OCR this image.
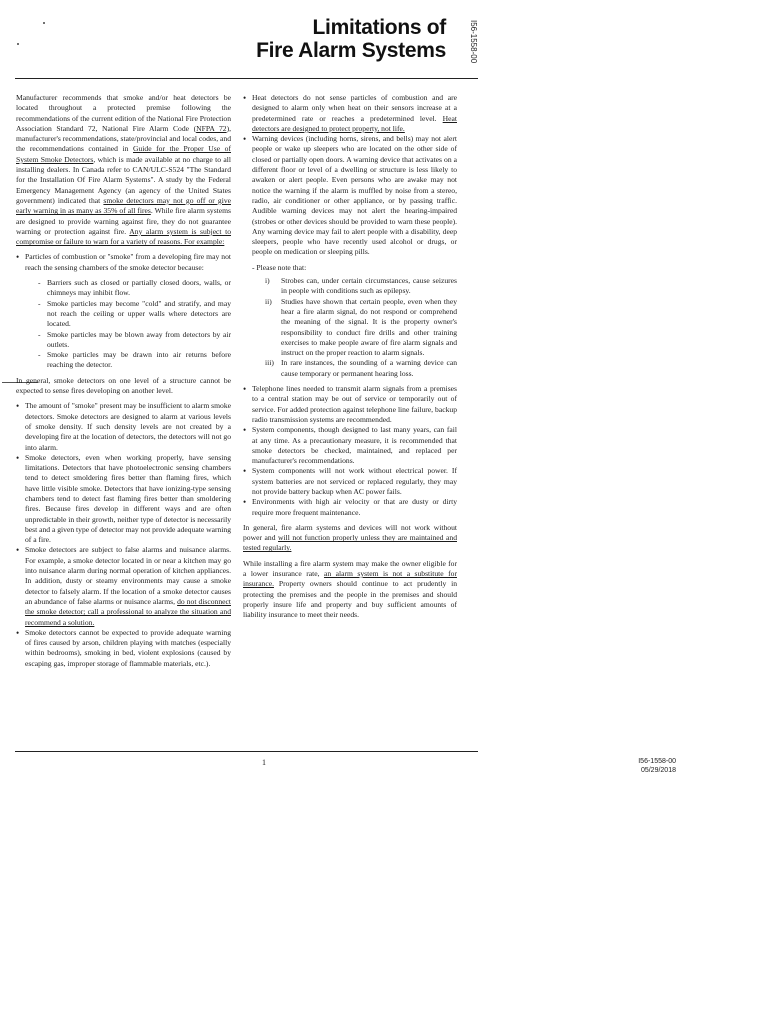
Limitations of
Fire Alarm Systems	I56-1558-00

Manufacturer recommends that smoke and/or heat detectors be located throughout a protected premise following the recommendations of the current edition of the National Fire Protection Association Standard 72, National Fire Alarm Code (NFPA 72), manufacturer's recommendations, state/provincial and local codes, and the recommendations contained in Guide for the Proper Use of System Smoke Detectors, which is made available at no charge to all installing dealers. In Canada refer to CAN/ULC-S524 "The Standard for the Installation Of Fire Alarm Systems". A study by the Federal Emergency Management Agency (an agency of the United States government) indicated that smoke detectors may not go off or give early warning in as many as 35% of all fires. While fire alarm systems are designed to provide warning against fire, they do not guarantee warning or protection against fire. Any alarm system is subject to compromise or failure to warn for a variety of reasons. For example:

• Particles of combustion or "smoke" from a developing fire may not reach the sensing chambers of the smoke detector because:
- Barriers such as closed or partially closed doors, walls, or chimneys may inhibit flow.
- Smoke particles may become "cold" and stratify, and may not reach the ceiling or upper walls where detectors are located.
- Smoke particles may be blown away from detectors by air outlets.
- Smoke particles may be drawn into air returns before reaching the detector.

In general, smoke detectors on one level of a structure cannot be expected to sense fires developing on another level.

• The amount of "smoke" present may be insufficient to alarm smoke detectors. Smoke detectors are designed to alarm at various levels of smoke density. If such density levels are not created by a developing fire at the location of detectors, the detectors will not go into alarm.
• Smoke detectors, even when working properly, have sensing limitations. Detectors that have photoelectronic sensing chambers tend to detect smoldering fires better than flaming fires, which have little visible smoke. Detectors that have ionizing-type sensing chambers tend to detect fast flaming fires better than smoldering fires. Because fires develop in different ways and are often unpredictable in their growth, neither type of detector is necessarily best and a given type of detector may not provide adequate warning of a fire.
• Smoke detectors are subject to false alarms and nuisance alarms. For example, a smoke detector located in or near a kitchen may go into nuisance alarm during normal operation of kitchen appliances. In addition, dusty or steamy environments may cause a smoke detector to falsely alarm. If the location of a smoke detector causes an abundance of false alarms or nuisance alarms, do not disconnect the smoke detector; call a professional to analyze the situation and recommend a solution.
• Smoke detectors cannot be expected to provide adequate warning of fires caused by arson, children playing with matches (especially within bedrooms), smoking in bed, violent explosions (caused by escaping gas, improper storage of flammable materials, etc.).
• Heat detectors do not sense particles of combustion and are designed to alarm only when heat on their sensors increase at a predetermined rate or reaches a predetermined level. Heat detectors are designed to protect property, not life.
• Warning devices (including horns, sirens, and bells) may not alert people or wake up sleepers who are located on the other side of closed or partially open doors. A warning device that activates on a different floor or level of a dwelling or structure is less likely to awaken or alert people. Even persons who are awake may not notice the warning if the alarm is muffled by noise from a stereo, radio, air conditioner or other appliance, or by passing traffic. Audible warning devices may not alert the hearing-impaired (strobes or other devices should be provided to warn these people). Any warning device may fail to alert people with a disability, deep sleepers, people who have recently used alcohol or drugs, or people on medication or sleeping pills.
- Please note that:
i) Strobes can, under certain circumstances, cause seizures in people with conditions such as epilepsy.
ii) Studies have shown that certain people, even when they hear a fire alarm signal, do not respond or comprehend the meaning of the signal. It is the property owner's responsibility to conduct fire drills and other training exercises to make people aware of fire alarm signals and instruct on the proper reaction to alarm signals.
iii) In rare instances, the sounding of a warning device can cause temporary or permanent hearing loss.
• Telephone lines needed to transmit alarm signals from a premises to a central station may be out of service or temporarily out of service. For added protection against telephone line failure, backup radio transmission systems are recommended.
• System components, though designed to last many years, can fail at any time. As a precautionary measure, it is recommended that smoke detectors be checked, maintained, and replaced per manufacturer's recommendations.
• System components will not work without electrical power. If system batteries are not serviced or replaced regularly, they may not provide battery backup when AC power fails.
• Environments with high air velocity or that are dusty or dirty require more frequent maintenance.

In general, fire alarm systems and devices will not work without power and will not function properly unless they are maintained and tested regularly.

While installing a fire alarm system may make the owner eligible for a lower insurance rate, an alarm system is not a substitute for insurance. Property owners should continue to act prudently in protecting the premises and the people in the premises and should properly insure life and property and buy sufficient amounts of liability insurance to meet their needs.

1	I56-1558-00
05/29/2018
